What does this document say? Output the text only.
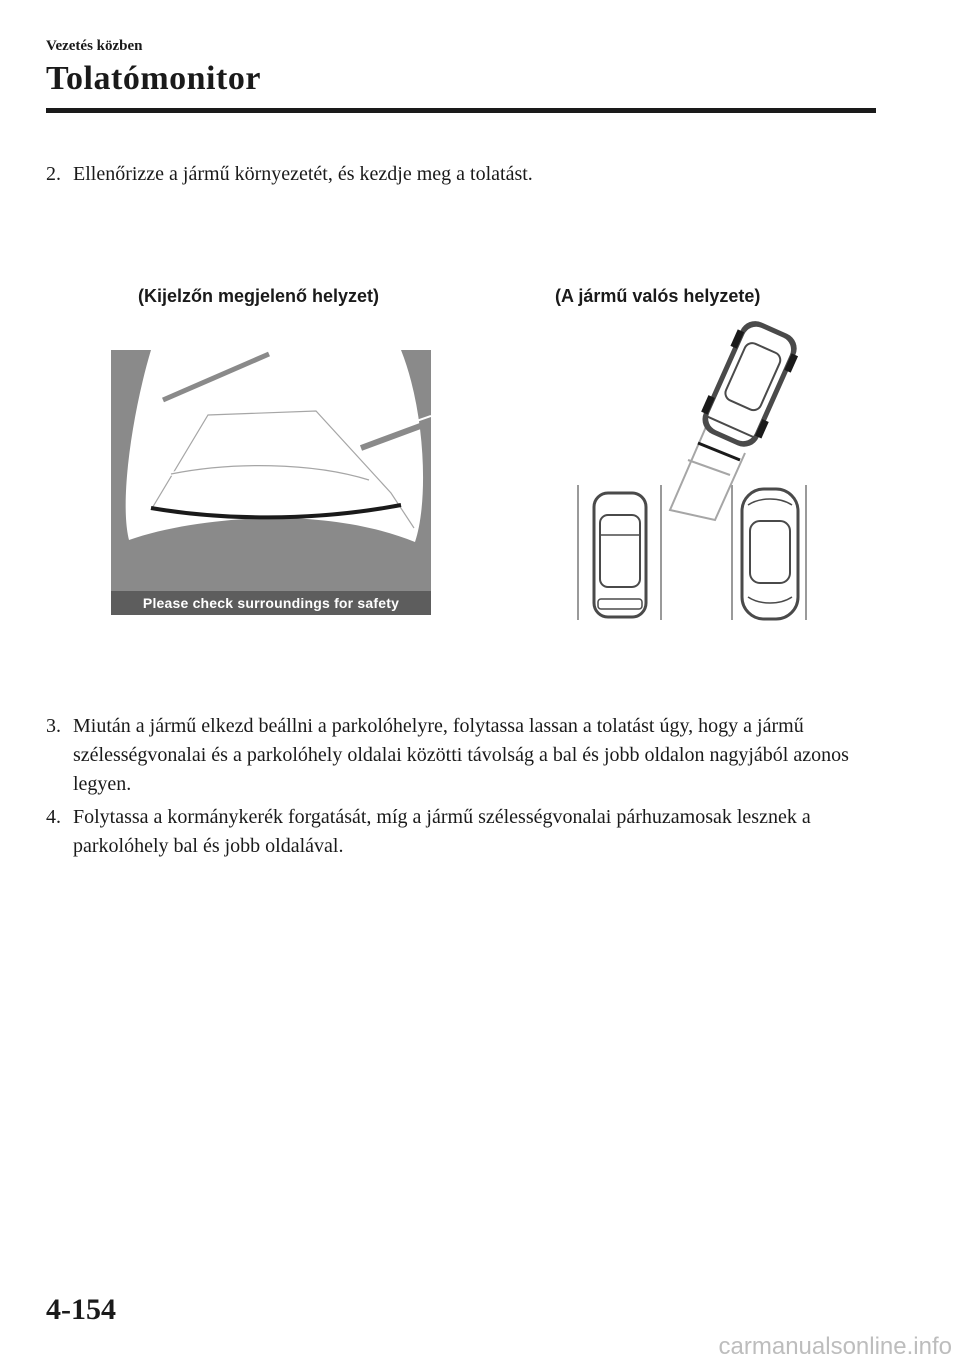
Vezetés közben
Tolatómonitor
2. Ellenőrizze a jármű környezetét, és kezdje meg a tolatást.
(Kijelzőn megjelenő helyzet)	(A jármű valós helyzete)
Please check surroundings for safety
3. Miután a jármű elkezd beállni a parkolóhelyre, folytassa lassan a tolatást úgy, hogy a jármű szélességvonalai és a parkolóhely oldalai közötti távolság a bal és jobb oldalon nagyjából azonos legyen.
4. Folytassa a kormánykerék forgatását, míg a jármű szélességvonalai párhuzamosak lesznek a parkolóhely bal és jobb oldalával.
4-154
carmanualsonline.info
